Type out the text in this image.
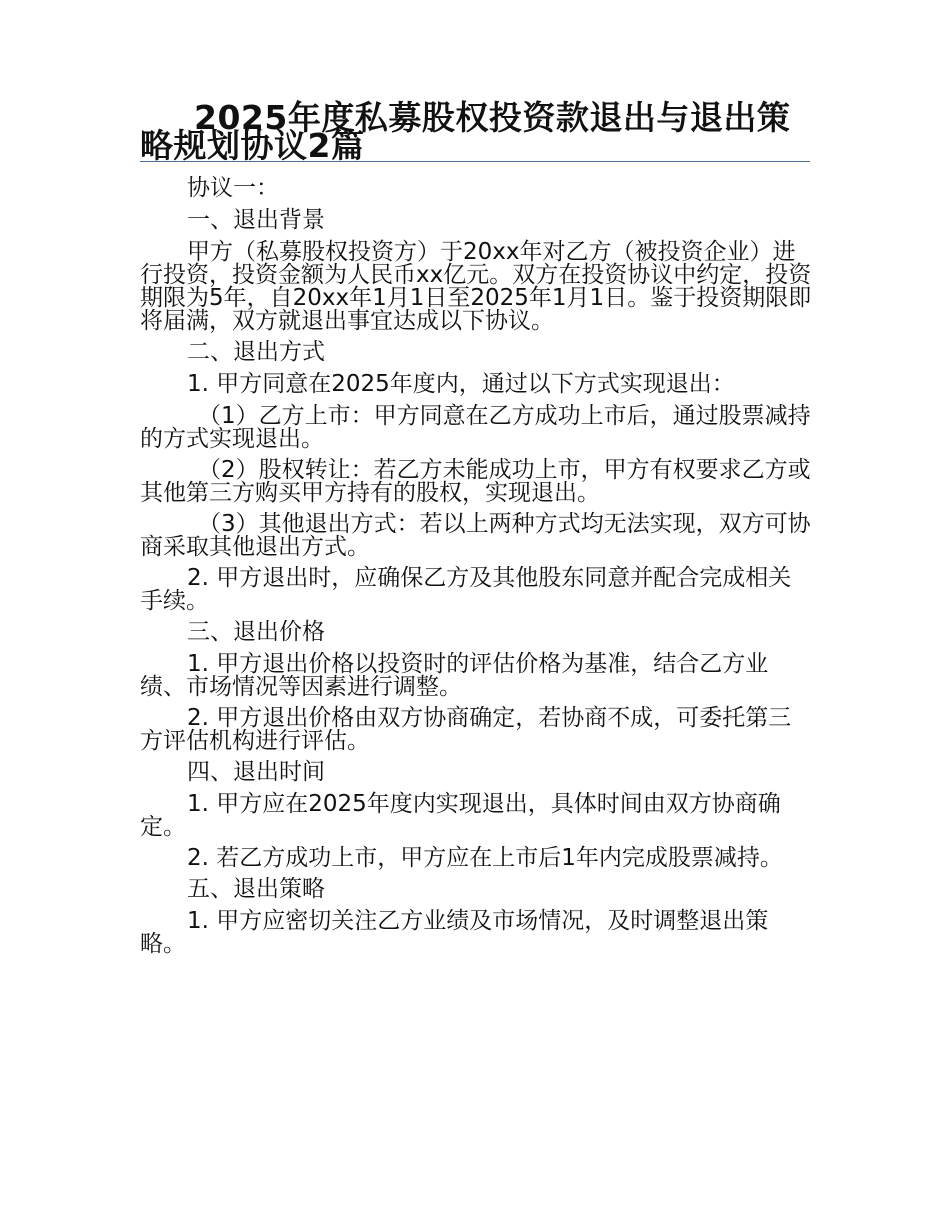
2025年度私募股权投资款退出与退出策略规划协议2篇

协议一：

一、退出背景

甲方（私募股权投资方）于20xx年对乙方（被投资企业）进行投资，投资金额为人民币xx亿元。双方在投资协议中约定，投资期限为5年，自20xx年1月1日至2025年1月1日。鉴于投资期限即将届满，双方就退出事宜达成以下协议。

二、退出方式

1. 甲方同意在2025年度内，通过以下方式实现退出：

（1）乙方上市：甲方同意在乙方成功上市后，通过股票减持的方式实现退出。

（2）股权转让：若乙方未能成功上市，甲方有权要求乙方或其他第三方购买甲方持有的股权，实现退出。

（3）其他退出方式：若以上两种方式均无法实现，双方可协商采取其他退出方式。

2. 甲方退出时，应确保乙方及其他股东同意并配合完成相关手续。

三、退出价格

1. 甲方退出价格以投资时的评估价格为基准，结合乙方业绩、市场情况等因素进行调整。

2. 甲方退出价格由双方协商确定，若协商不成，可委托第三方评估机构进行评估。

四、退出时间

1. 甲方应在2025年度内实现退出，具体时间由双方协商确定。

2. 若乙方成功上市，甲方应在上市后1年内完成股票减持。

五、退出策略

1. 甲方应密切关注乙方业绩及市场情况，及时调整退出策略。
